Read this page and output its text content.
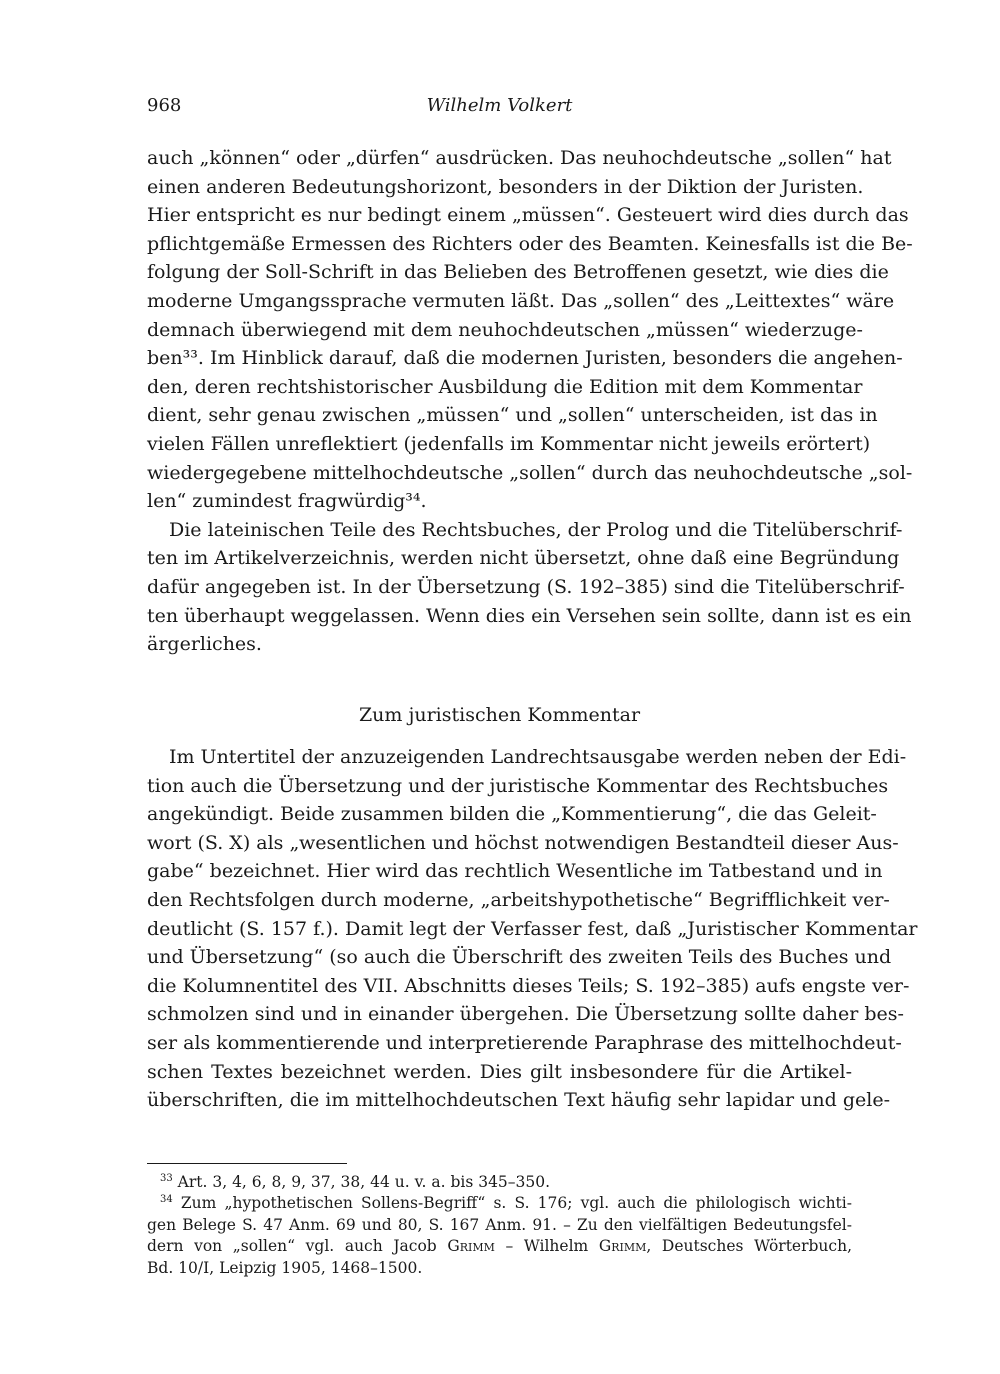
968	Wilhelm Volkert
auch „können“ oder „dürfen“ ausdrücken. Das neuhochdeutsche „sollen“ hat
einen anderen Bedeutungshorizont, besonders in der Diktion der Juristen.
Hier entspricht es nur bedingt einem „müssen“. Gesteuert wird dies durch das
pflichtgemäße Ermessen des Richters oder des Beamten. Keinesfalls ist die Be-
folgung der Soll-Schrift in das Belieben des Betroffenen gesetzt, wie dies die
moderne Umgangssprache vermuten läßt. Das „sollen“ des „Leittextes“ wäre
demnach überwiegend mit dem neuhochdeutschen „müssen“ wiederzuge-
ben³³. Im Hinblick darauf, daß die modernen Juristen, besonders die angehen-
den, deren rechtshistorischer Ausbildung die Edition mit dem Kommentar
dient, sehr genau zwischen „müssen“ und „sollen“ unterscheiden, ist das in
vielen Fällen unreflektiert (jedenfalls im Kommentar nicht jeweils erörtert)
wiedergegebene mittelhochdeutsche „sollen“ durch das neuhochdeutsche „sol-
len“ zumindest fragwürdig³⁴.
Die lateinischen Teile des Rechtsbuches, der Prolog und die Titelüberschrif-
ten im Artikelverzeichnis, werden nicht übersetzt, ohne daß eine Begründung
dafür angegeben ist. In der Übersetzung (S. 192–385) sind die Titelüberschrif-
ten überhaupt weggelassen. Wenn dies ein Versehen sein sollte, dann ist es ein
ärgerliches.
Zum juristischen Kommentar
Im Untertitel der anzuzeigenden Landrechtsausgabe werden neben der Edi-
tion auch die Übersetzung und der juristische Kommentar des Rechtsbuches
angekündigt. Beide zusammen bilden die „Kommentierung“, die das Geleit-
wort (S. X) als „wesentlichen und höchst notwendigen Bestandteil dieser Aus-
gabe“ bezeichnet. Hier wird das rechtlich Wesentliche im Tatbestand und in
den Rechtsfolgen durch moderne, „arbeitshypothetische“ Begrifflichkeit ver-
deutlicht (S. 157 f.). Damit legt der Verfasser fest, daß „Juristischer Kommentar
und Übersetzung“ (so auch die Überschrift des zweiten Teils des Buches und
die Kolumnentitel des VII. Abschnitts dieses Teils; S. 192–385) aufs engste ver-
schmolzen sind und in einander übergehen. Die Übersetzung sollte daher bes-
ser als kommentierende und interpretierende Paraphrase des mittelhochdeut-
schen Textes bezeichnet werden. Dies gilt insbesondere für die Artikel-
überschriften, die im mittelhochdeutschen Text häufig sehr lapidar und gele-
$^{33}$ Art. 3, 4, 6, 8, 9, 37, 38, 44 u. v. a. bis 345–350.
$^{34}$ Zum „hypothetischen Sollens-Begriff“ s. S. 176; vgl. auch die philologisch wichti-
gen Belege S. 47 Anm. 69 und 80, S. 167 Anm. 91. – Zu den vielfältigen Bedeutungsfel-
dern von „sollen“ vgl. auch Jacob Grimm – Wilhelm Grimm, Deutsches Wörterbuch,
Bd. 10/I, Leipzig 1905, 1468–1500.
